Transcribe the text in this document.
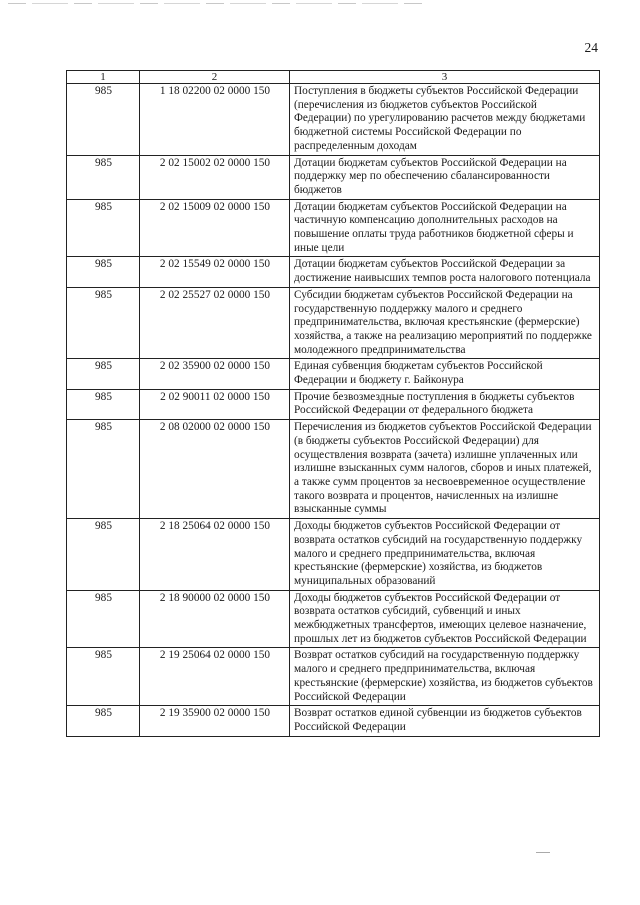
24
1	2	3
985	1 18 02200 02 0000 150	Поступления в бюджеты субъектов Российской Федерации (перечисления из бюджетов субъектов Российской Федерации) по урегулированию расчетов между бюджетами бюджетной системы Российской Федерации по распределенным доходам
985	2 02 15002 02 0000 150	Дотации бюджетам субъектов Российской Федерации на поддержку мер по обеспечению сбалансированности бюджетов
985	2 02 15009 02 0000 150	Дотации бюджетам субъектов Российской Федерации на частичную компенсацию дополнительных расходов на повышение оплаты труда работников бюджетной сферы и иные цели
985	2 02 15549 02 0000 150	Дотации бюджетам субъектов Российской Федерации за достижение наивысших темпов роста налогового потенциала
985	2 02 25527 02 0000 150	Субсидии бюджетам субъектов Российской Федерации на государственную поддержку малого и среднего предпринимательства, включая крестьянские (фермерские) хозяйства, а также на реализацию мероприятий по поддержке молодежного предпринимательства
985	2 02 35900 02 0000 150	Единая субвенция бюджетам субъектов Российской Федерации и бюджету г. Байконура
985	2 02 90011 02 0000 150	Прочие безвозмездные поступления в бюджеты субъектов Российской Федерации от федерального бюджета
985	2 08 02000 02 0000 150	Перечисления из бюджетов субъектов Российской Федерации (в бюджеты субъектов Российской Федерации) для осуществления возврата (зачета) излишне уплаченных или излишне взысканных сумм налогов, сборов и иных платежей, а также сумм процентов за несвоевременное осуществление такого возврата и процентов, начисленных на излишне взысканные суммы
985	2 18 25064 02 0000 150	Доходы бюджетов субъектов Российской Федерации от возврата остатков субсидий на государственную поддержку малого и среднего предпринимательства, включая крестьянские (фермерские) хозяйства, из бюджетов муниципальных образований
985	2 18 90000 02 0000 150	Доходы бюджетов субъектов Российской Федерации от возврата остатков субсидий, субвенций и иных межбюджетных трансфертов, имеющих целевое назначение, прошлых лет из бюджетов субъектов Российской Федерации
985	2 19 25064 02 0000 150	Возврат остатков субсидий на государственную поддержку малого и среднего предпринимательства, включая крестьянские (фермерские) хозяйства, из бюджетов субъектов Российской Федерации
985	2 19 35900 02 0000 150	Возврат остатков единой субвенции из бюджетов субъектов Российской Федерации
